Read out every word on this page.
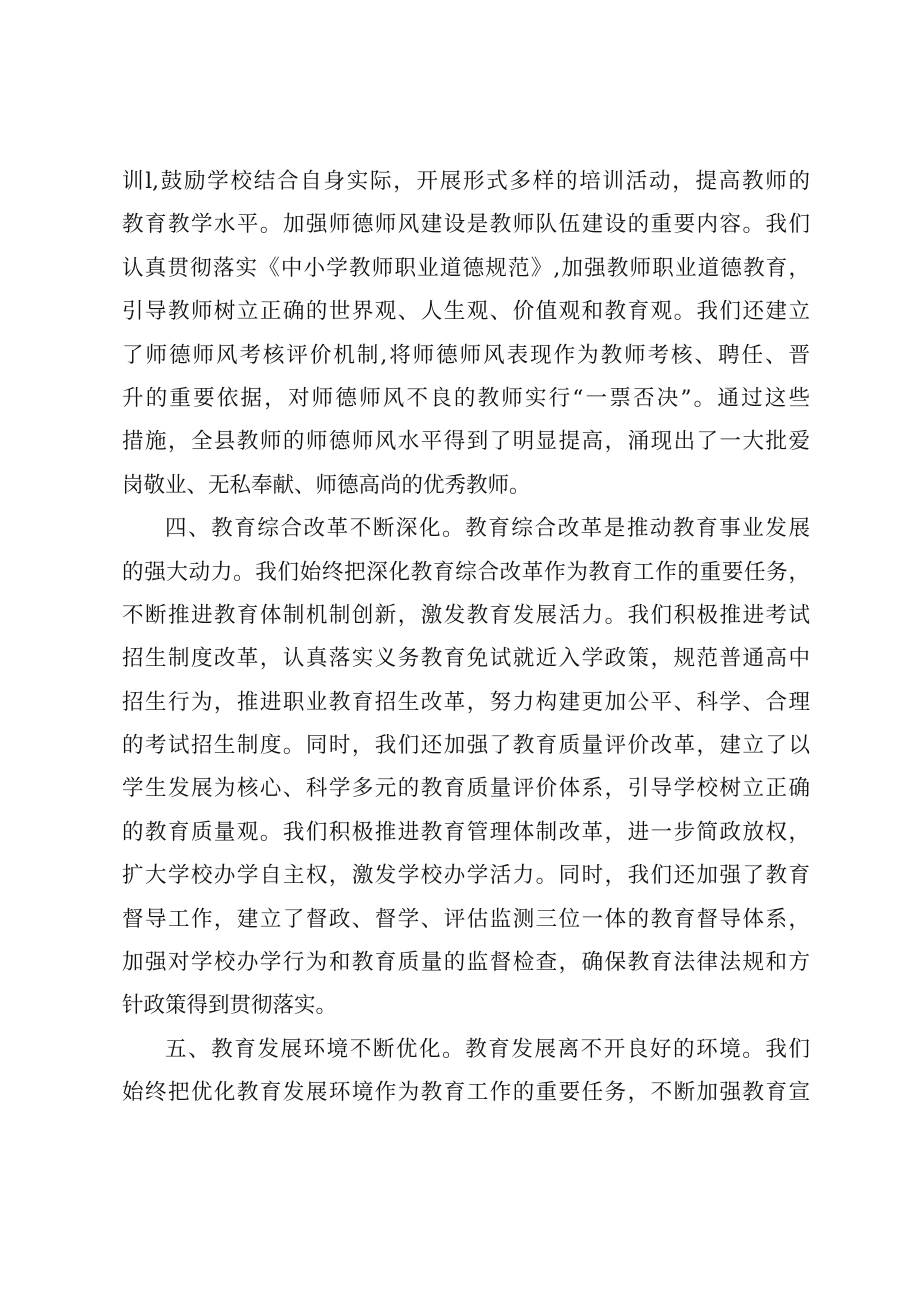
训l,鼓励学校结合自身实际，开展形式多样的培训活动，提高教师的
教育教学水平。加强师德师风建设是教师队伍建设的重要内容。我们
认真贯彻落实《中小学教师职业道德规范》,加强教师职业道德教育，
引导教师树立正确的世界观、人生观、价值观和教育观。我们还建立
了师德师风考核评价机制,将师德师风表现作为教师考核、聘任、晋
升的重要依据，对师德师风不良的教师实行“一票否决”。通过这些
措施，全县教师的师德师风水平得到了明显提高，涌现出了一大批爱
岗敬业、无私奉献、师德高尚的优秀教师。
四、教育综合改革不断深化。教育综合改革是推动教育事业发展
的强大动力。我们始终把深化教育综合改革作为教育工作的重要任务，
不断推进教育体制机制创新，激发教育发展活力。我们积极推进考试
招生制度改革，认真落实义务教育免试就近入学政策，规范普通高中
招生行为，推进职业教育招生改革，努力构建更加公平、科学、合理
的考试招生制度。同时，我们还加强了教育质量评价改革，建立了以
学生发展为核心、科学多元的教育质量评价体系，引导学校树立正确
的教育质量观。我们积极推进教育管理体制改革，进一步简政放权，
扩大学校办学自主权，激发学校办学活力。同时，我们还加强了教育
督导工作，建立了督政、督学、评估监测三位一体的教育督导体系，
加强对学校办学行为和教育质量的监督检查，确保教育法律法规和方
针政策得到贯彻落实。
五、教育发展环境不断优化。教育发展离不开良好的环境。我们
始终把优化教育发展环境作为教育工作的重要任务，不断加强教育宣
